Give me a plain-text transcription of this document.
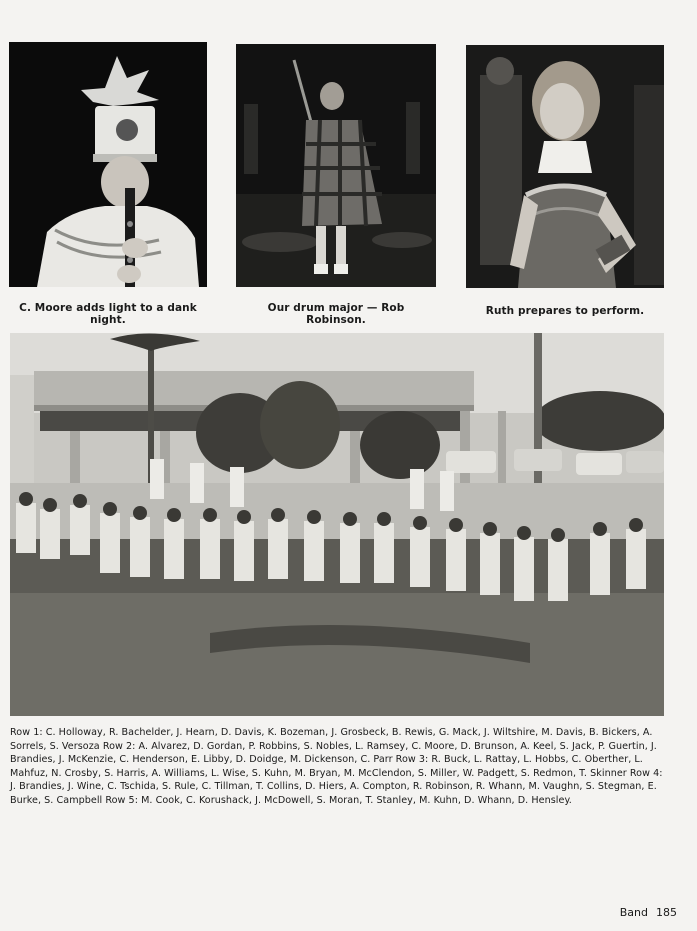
C. Moore adds light to a dank night.
Our drum major — Rob Robinson.
Ruth prepares to perform.
Row 1: C. Holloway, R. Bachelder, J. Hearn, D. Davis, K. Bozeman, J. Grosbeck, B. Rewis, G. Mack, J. Wiltshire, M. Davis, B. Bickers, A. Sorrels, S. Versoza Row 2: A. Alvarez, D. Gordan, P. Robbins, S. Nobles, L. Ramsey, C. Moore, D. Brunson, A. Keel, S. Jack, P. Guertin, J. Brandies, J. McKenzie, C. Henderson, E. Libby, D. Doidge, M. Dickenson, C. Parr Row 3: R. Buck, L. Rattay, L. Hobbs, C. Oberther, L. Mahfuz, N. Crosby, S. Harris, A. Williams, L. Wise, S. Kuhn, M. Bryan, M. McClendon, S. Miller, W. Padgett, S. Redmon, T. Skinner Row 4: J. Brandies, J. Wine, C. Tschida, S. Rule, C. Tillman, T. Collins, D. Hiers, A. Compton, R. Robinson, R. Whann, M. Vaughn, S. Stegman, E. Burke, S. Campbell Row 5: M. Cook, C. Korushack, J. McDowell, S. Moran, T. Stanley, M. Kuhn, D. Whann, D. Hensley.
Band 185
